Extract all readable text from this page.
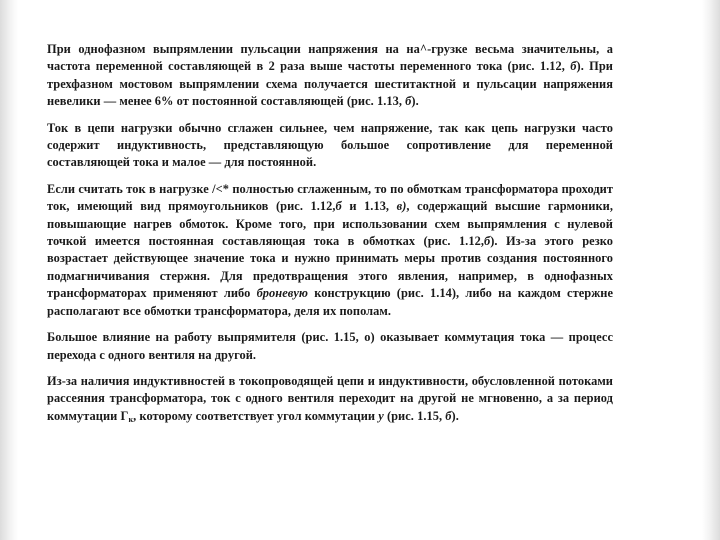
При однофазном выпрямлении пульсации напряжения на на^-грузке весьма значительны, а частота переменной составляющей в 2 раза выше частоты переменного тока (рис. 1.12, б). При трехфазном мостовом выпрямлении схема получается шеститактной и пульсации напряжения невелики — менее 6% от постоянной составляющей (рис. 1.13, б).

Ток в цепи нагрузки обычно сглажен сильнее, чем напряжение, так как цепь нагрузки часто содержит индуктивность, представляющую большое сопротивление для переменной составляющей тока и малое — для постоянной.

Если считать ток в нагрузке /<* полностью сглаженным, то по обмоткам трансформатора проходит ток, имеющий вид прямоугольников (рис. 1.12,б и 1.13, в), содержащий высшие гармоники, повышающие нагрев обмоток. Кроме того, при использовании схем выпрямления с нулевой точкой имеется постоянная составляющая тока в обмотках (рис. 1.12,б). Из-за этого резко возрастает действующее значение тока и нужно принимать меры против создания постоянного подмагничивания стержня. Для предотвращения этого явления, например, в однофазных трансформаторах применяют либо броневую конструкцию (рис. 1.14), либо на каждом стержне располагают все обмотки трансформатора, деля их пополам.

Большое влияние на работу выпрямителя (рис. 1.15, о) оказывает коммутация тока — процесс перехода с одного вентиля на другой.

Из-за наличия индуктивностей в токопроводящей цепи и индуктивности, обусловленной потоками рассеяния трансформатора, ток с одного вентиля переходит на другой не мгновенно, а за период коммутации $Г_к$, которому соответствует угол коммутации у (рис. 1.15, б).
